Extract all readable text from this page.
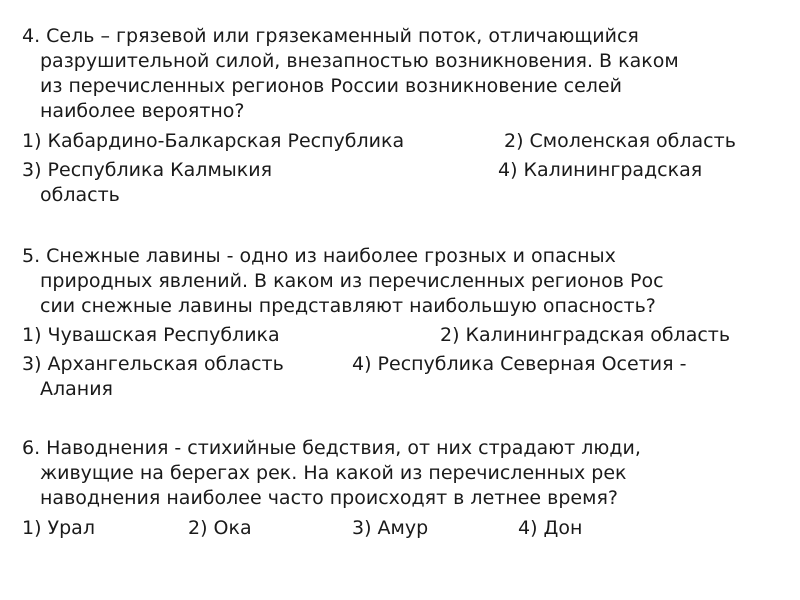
4. Сель – грязевой или грязекаменный поток, отличающийся
разрушительной силой, внезапностью возникновения. В каком
из перечисленных регионов России возникновение селей
наиболее вероятно?
1) Кабардино-Балкарская Республика	2) Смоленская область
3) Республика Калмыкия	4) Калининградская
область
5. Снежные лавины - одно из наиболее грозных и опасных
природных явлений. В каком из перечисленных регионов Рос
сии снежные лавины представляют наибольшую опасность?
1) Чувашская Республика	2) Калининградская область
3) Архангельская область	4) Республика Северная Осетия -
Алания
6. Наводнения - стихийные бедствия, от них страдают люди,
живущие на берегах рек. На какой из перечисленных рек
наводнения наиболее часто происходят в летнее время?
1) Урал	2) Ока	3) Амур	4) Дон
